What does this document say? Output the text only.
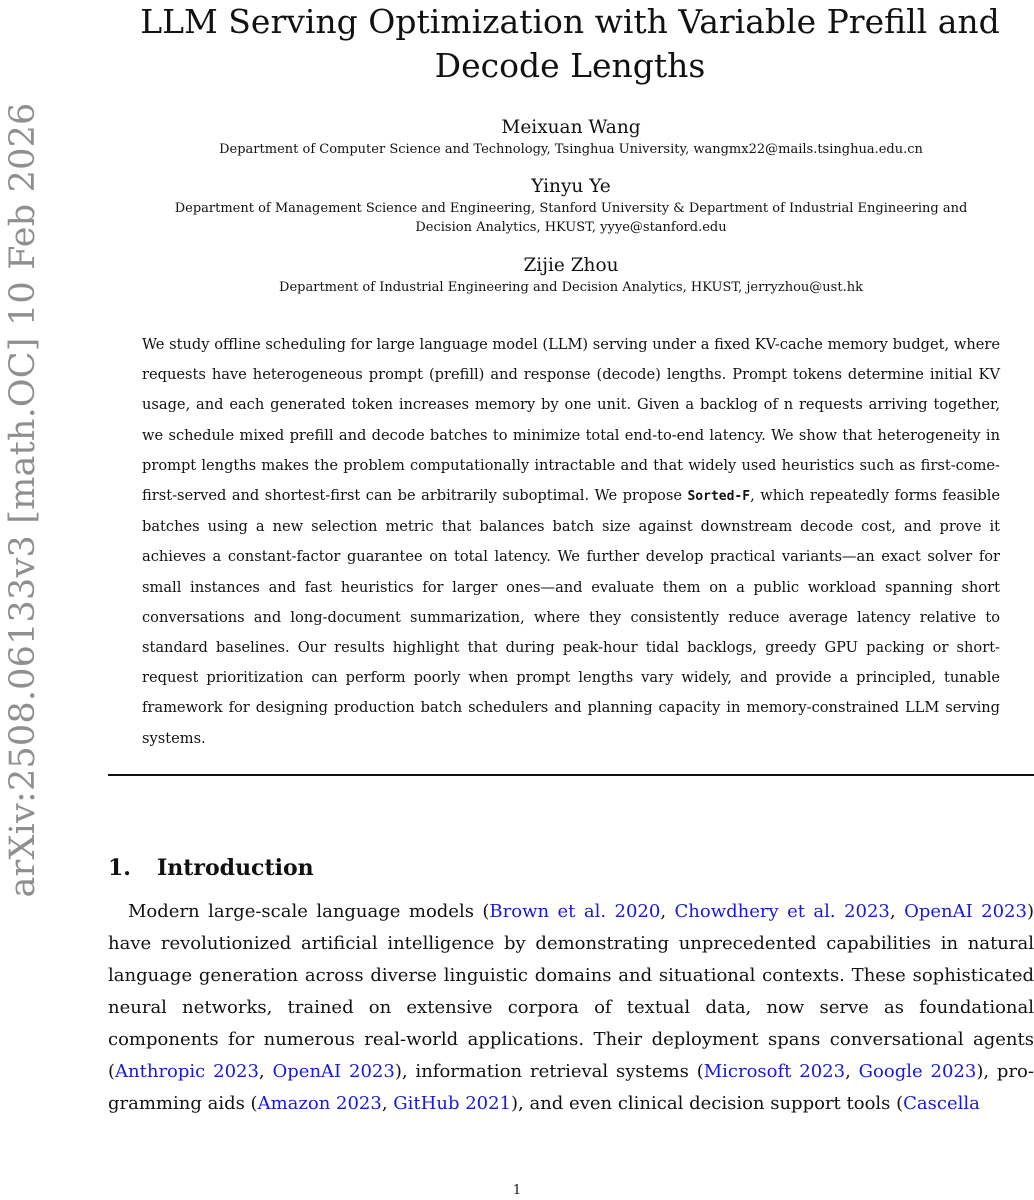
arXiv:2508.06133v3 [math.OC] 10 Feb 2026
LLM Serving Optimization with Variable Prefill and
Decode Lengths
Meixuan Wang
Department of Computer Science and Technology, Tsinghua University, wangmx22@mails.tsinghua.edu.cn
Yinyu Ye
Department of Management Science and Engineering, Stanford University & Department of Industrial Engineering and
Decision Analytics, HKUST, yyye@stanford.edu
Zijie Zhou
Department of Industrial Engineering and Decision Analytics, HKUST, jerryzhou@ust.hk

We study offline scheduling for large language model (LLM) serving under a fixed KV-cache memory budget, where requests have heterogeneous prompt (prefill) and response (decode) lengths. Prompt tokens determine initial KV usage, and each generated token increases memory by one unit. Given a backlog of n requests arriving together, we schedule mixed prefill and decode batches to minimize total end-to-end latency. We show that heterogeneity in prompt lengths makes the problem computationally intractable and that widely used heuristics such as first-come-first-served and shortest-first can be arbitrarily suboptimal. We propose Sorted-F, which repeatedly forms feasible batches using a new selection metric that balances batch size against downstream decode cost, and prove it achieves a constant-factor guarantee on total latency. We further develop practical variants—an exact solver for small instances and fast heuristics for larger ones—and evaluate them on a public workload spanning short conversations and long-document summarization, where they consistently reduce average latency relative to standard baselines. Our results highlight that during peak-hour tidal backlogs, greedy GPU packing or short-request prioritization can perform poorly when prompt lengths vary widely, and provide a principled, tunable framework for designing production batch schedulers and planning capacity in memory-constrained LLM serving systems.

1. Introduction

Modern large-scale language models (Brown et al. 2020, Chowdhery et al. 2023, OpenAI 2023) have revolutionized artificial intelligence by demonstrating unprecedented capabilities in natural language generation across diverse linguistic domains and situational contexts. These sophisticated neural networks, trained on extensive corpora of textual data, now serve as foundational components for numerous real-world applications. Their deployment spans conversational agents (Anthropic 2023, OpenAI 2023), information retrieval systems (Microsoft 2023, Google 2023), programming aids (Amazon 2023, GitHub 2021), and even clinical decision support tools (Cascella

1
